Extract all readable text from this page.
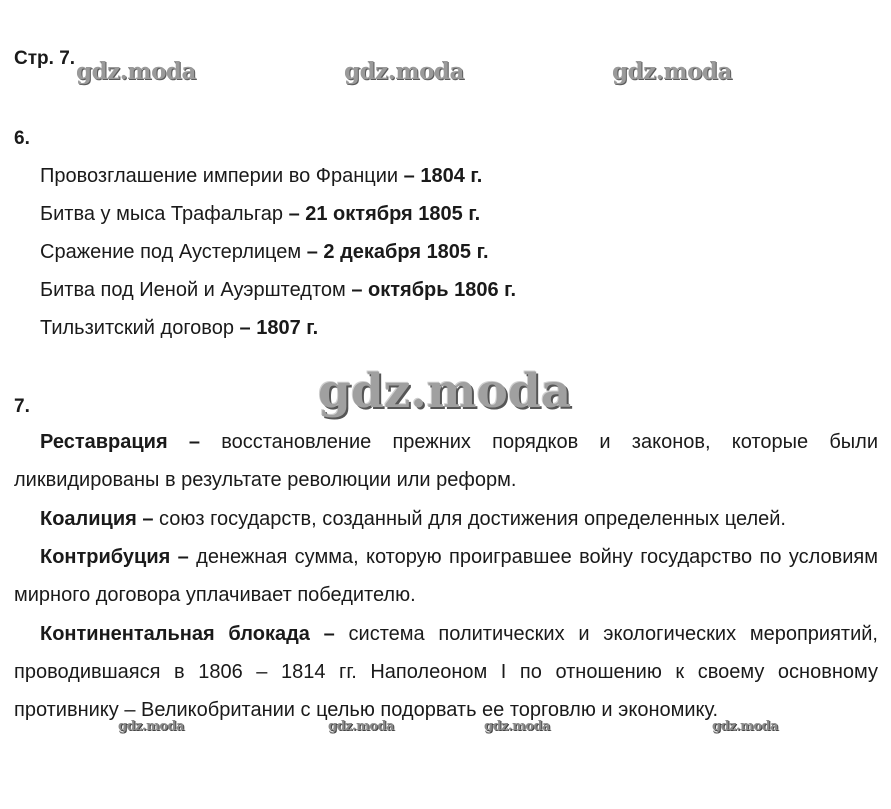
Стр. 7. gdz.moda	gdz.moda	gdz.moda
6.
Провозглашение империи во Франции – 1804 г.
Битва у мыса Трафальгар – 21 октября 1805 г.
Сражение под Аустерлицем – 2 декабря 1805 г.
Битва под Иеной и Ауэрштедтом – октябрь 1806 г.
Тильзитский договор – 1807 г.
gdz.moda
7.
Реставрация – восстановление прежних порядков и законов, которые были ликвидированы в результате революции или реформ.
Коалиция – союз государств, созданный для достижения определенных целей.
Контрибуция – денежная сумма, которую проигравшее войну государство по условиям мирного договора уплачивает победителю.
Континентальная блокада – система политических и экологических мероприятий, проводившаяся в 1806 – 1814 гг. Наполеоном I по отношению к своему основному противнику – Великобритании с целью подорвать ее торговлю и экономику.
gdz.moda	gdz.moda	gdz.moda	gdz.moda
